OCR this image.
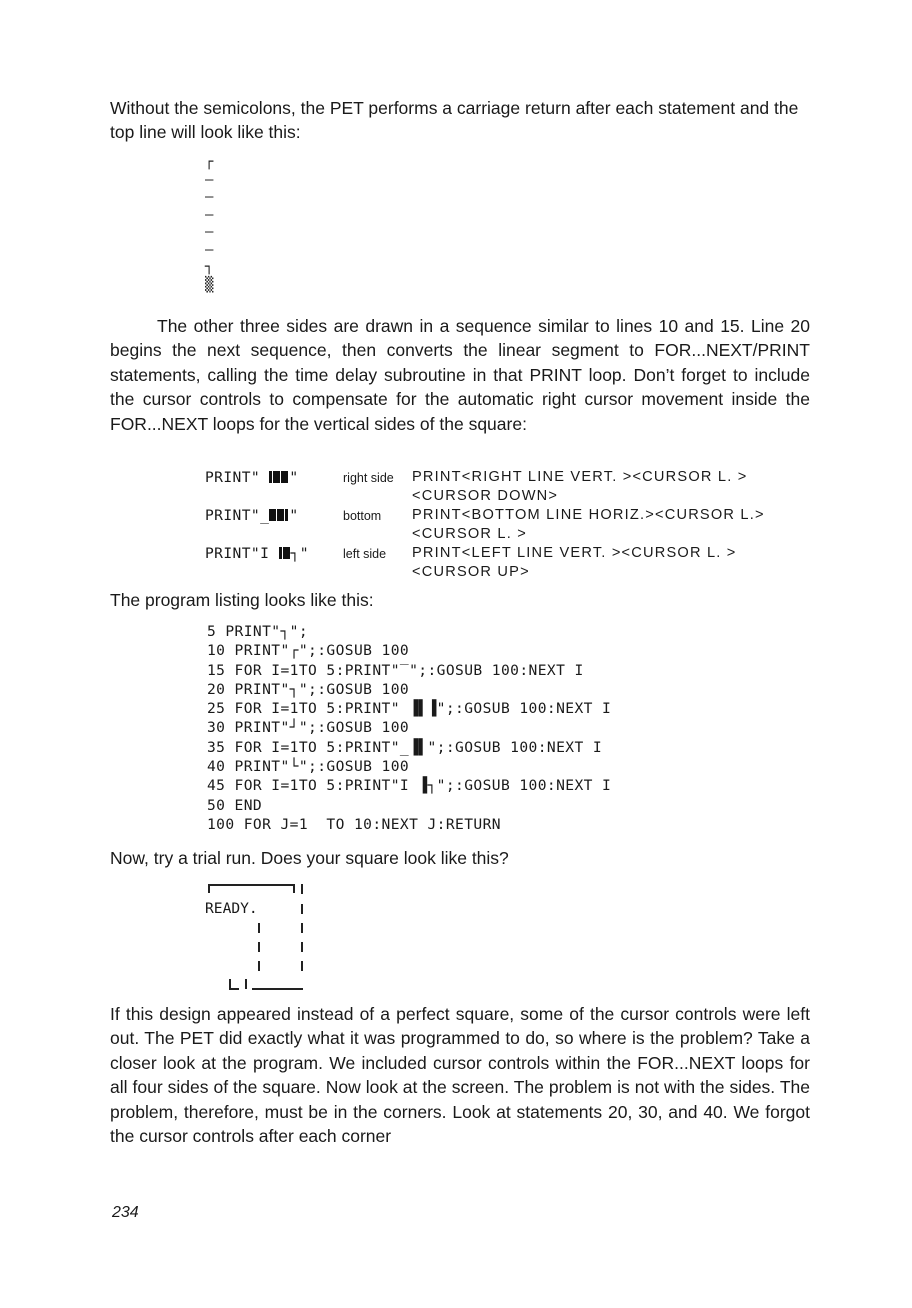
Without the semicolons, the PET performs a carriage return after each statement and the top line will look like this:

┌
–
–
–
–
–
┐
▒

The other three sides are drawn in a sequence similar to lines 10 and 15. Line 20 begins the next sequence, then converts the linear segment to FOR...NEXT/PRINT statements, calling the time delay subroutine in that PRINT loop. Don’t forget to include the cursor controls to compensate for the automatic right cursor movement inside the FOR...NEXT loops for the vertical sides of the square:

PRINT" "	right side	PRINT<RIGHT LINE VERT. ><CURSOR L. >
<CURSOR DOWN>
PRINT"_ "	bottom	PRINT<BOTTOM LINE HORIZ.><CURSOR L.>
<CURSOR L. >
PRINT"I ┐"	left side	PRINT<LEFT LINE VERT. ><CURSOR L. >
<CURSOR UP>

The program listing looks like this:

5 PRINT"┐";
10 PRINT"┌";:GOSUB 100
15 FOR I=1TO 5:PRINT"‾";:GOSUB 100:NEXT I
20 PRINT"┐";:GOSUB 100
25 FOR I=1TO 5:PRINT" ▐▌▐";:GOSUB 100:NEXT I
30 PRINT"┘";:GOSUB 100
35 FOR I=1TO 5:PRINT"_▐▌";:GOSUB 100:NEXT I
40 PRINT"└";:GOSUB 100
45 FOR I=1TO 5:PRINT"I ▐┐";:GOSUB 100:NEXT I
50 END
100 FOR J=1  TO 10:NEXT J:RETURN

Now, try a trial run. Does your square look like this?

READY.

If this design appeared instead of a perfect square, some of the cursor controls were left out. The PET did exactly what it was programmed to do, so where is the problem? Take a closer look at the program. We included cursor controls within the FOR...NEXT loops for all four sides of the square. Now look at the screen. The problem is not with the sides. The problem, therefore, must be in the corners. Look at statements 20, 30, and 40. We forgot the cursor controls after each corner

234
